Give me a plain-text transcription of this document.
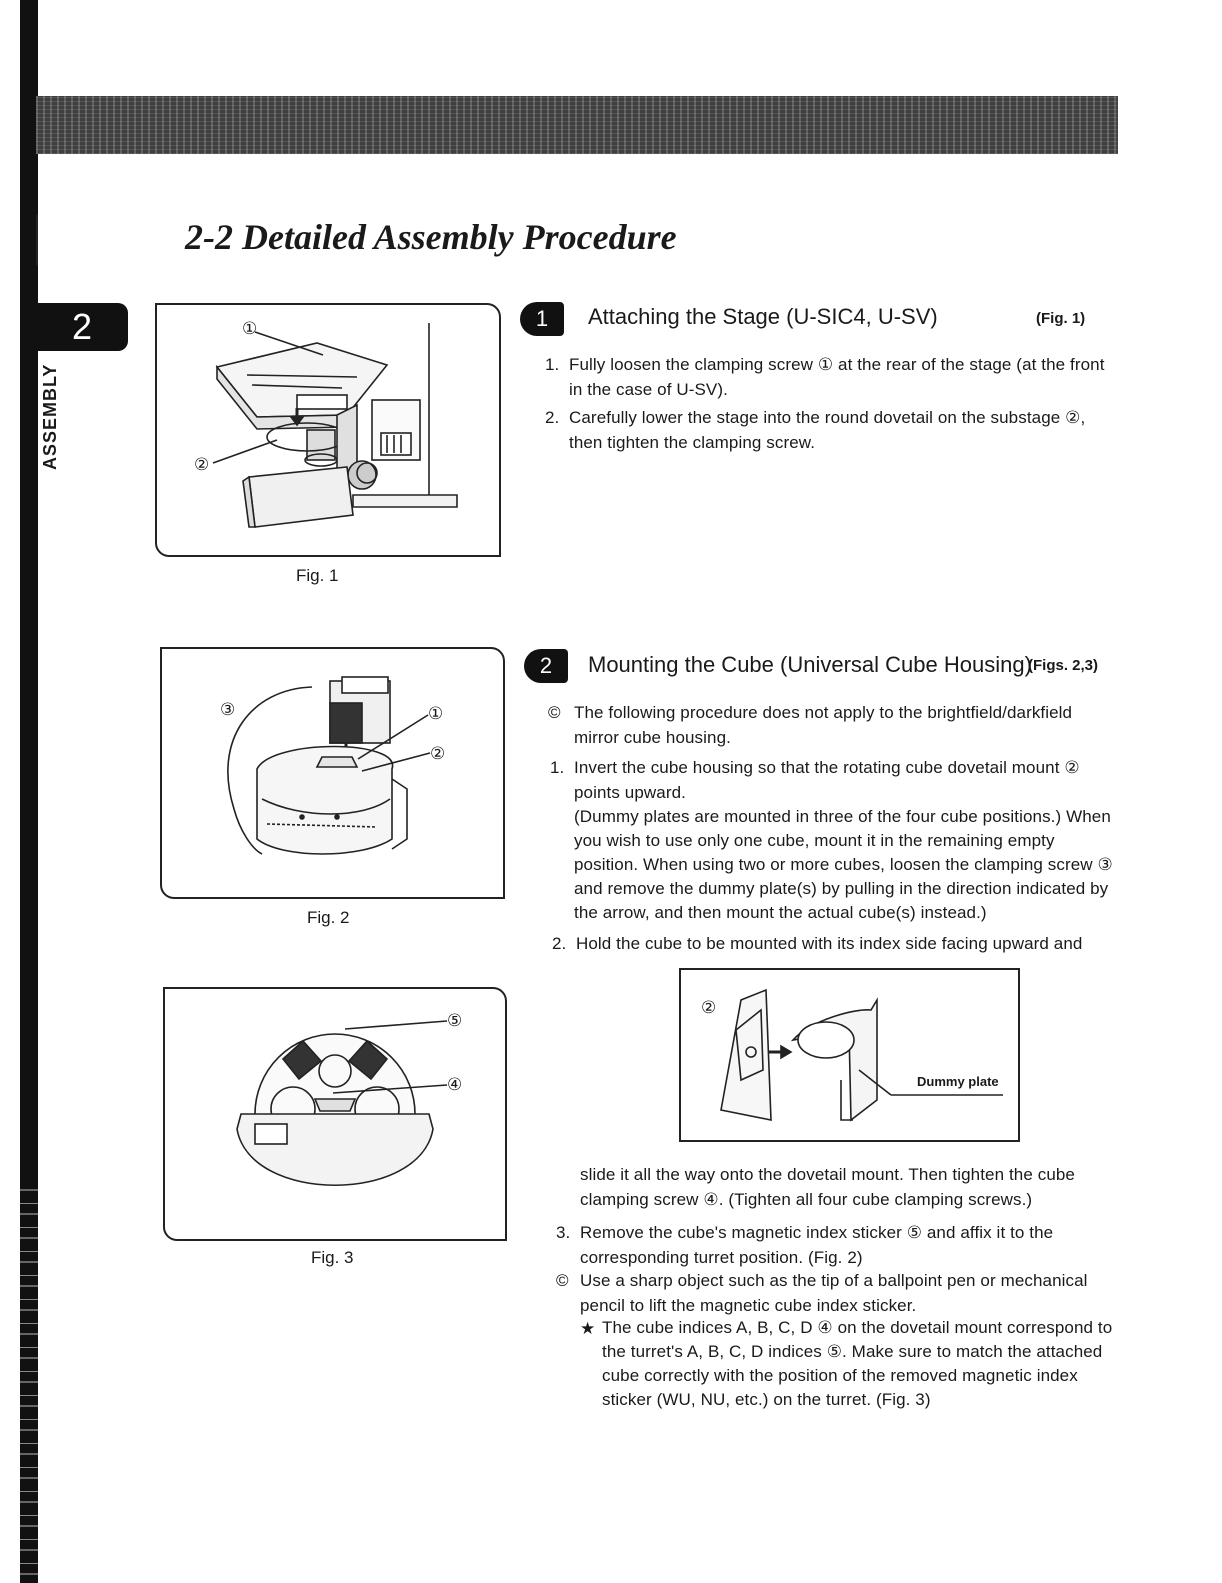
2
ASSEMBLY
2-2 Detailed Assembly Procedure
①
②
Fig. 1
③	①
②
Fig. 2
⑤
④
Fig. 3
1	Attaching the Stage (U-SIC4, U-SV)	(Fig. 1)
1. Fully loosen the clamping screw ① at the rear of the stage (at the front in the case of U-SV).
2. Carefully lower the stage into the round dovetail on the substage ②, then tighten the clamping screw.
2	Mounting the Cube (Universal Cube Housing)
(Figs. 2,3)
© The following procedure does not apply to the brightfield/darkfield mirror cube housing.
1. Invert the cube housing so that the rotating cube dovetail mount ② points upward.
(Dummy plates are mounted in three of the four cube positions.) When you wish to use only one cube, mount it in the remaining empty position. When using two or more cubes, loosen the clamping screw ③ and remove the dummy plate(s) by pulling in the direction indicated by the arrow, and then mount the actual cube(s) instead.)
2. Hold the cube to be mounted with its index side facing upward and
②
Dummy plate
slide it all the way onto the dovetail mount. Then tighten the cube clamping screw ④. (Tighten all four cube clamping screws.)
3. Remove the cube's magnetic index sticker ⑤ and affix it to the corresponding turret position. (Fig. 2)
© Use a sharp object such as the tip of a ballpoint pen or mechanical pencil to lift the magnetic cube index sticker.
★ The cube indices A, B, C, D ④ on the dovetail mount correspond to the turret's A, B, C, D indices ⑤. Make sure to match the attached cube correctly with the position of the removed magnetic index sticker (WU, NU, etc.) on the turret. (Fig. 3)
